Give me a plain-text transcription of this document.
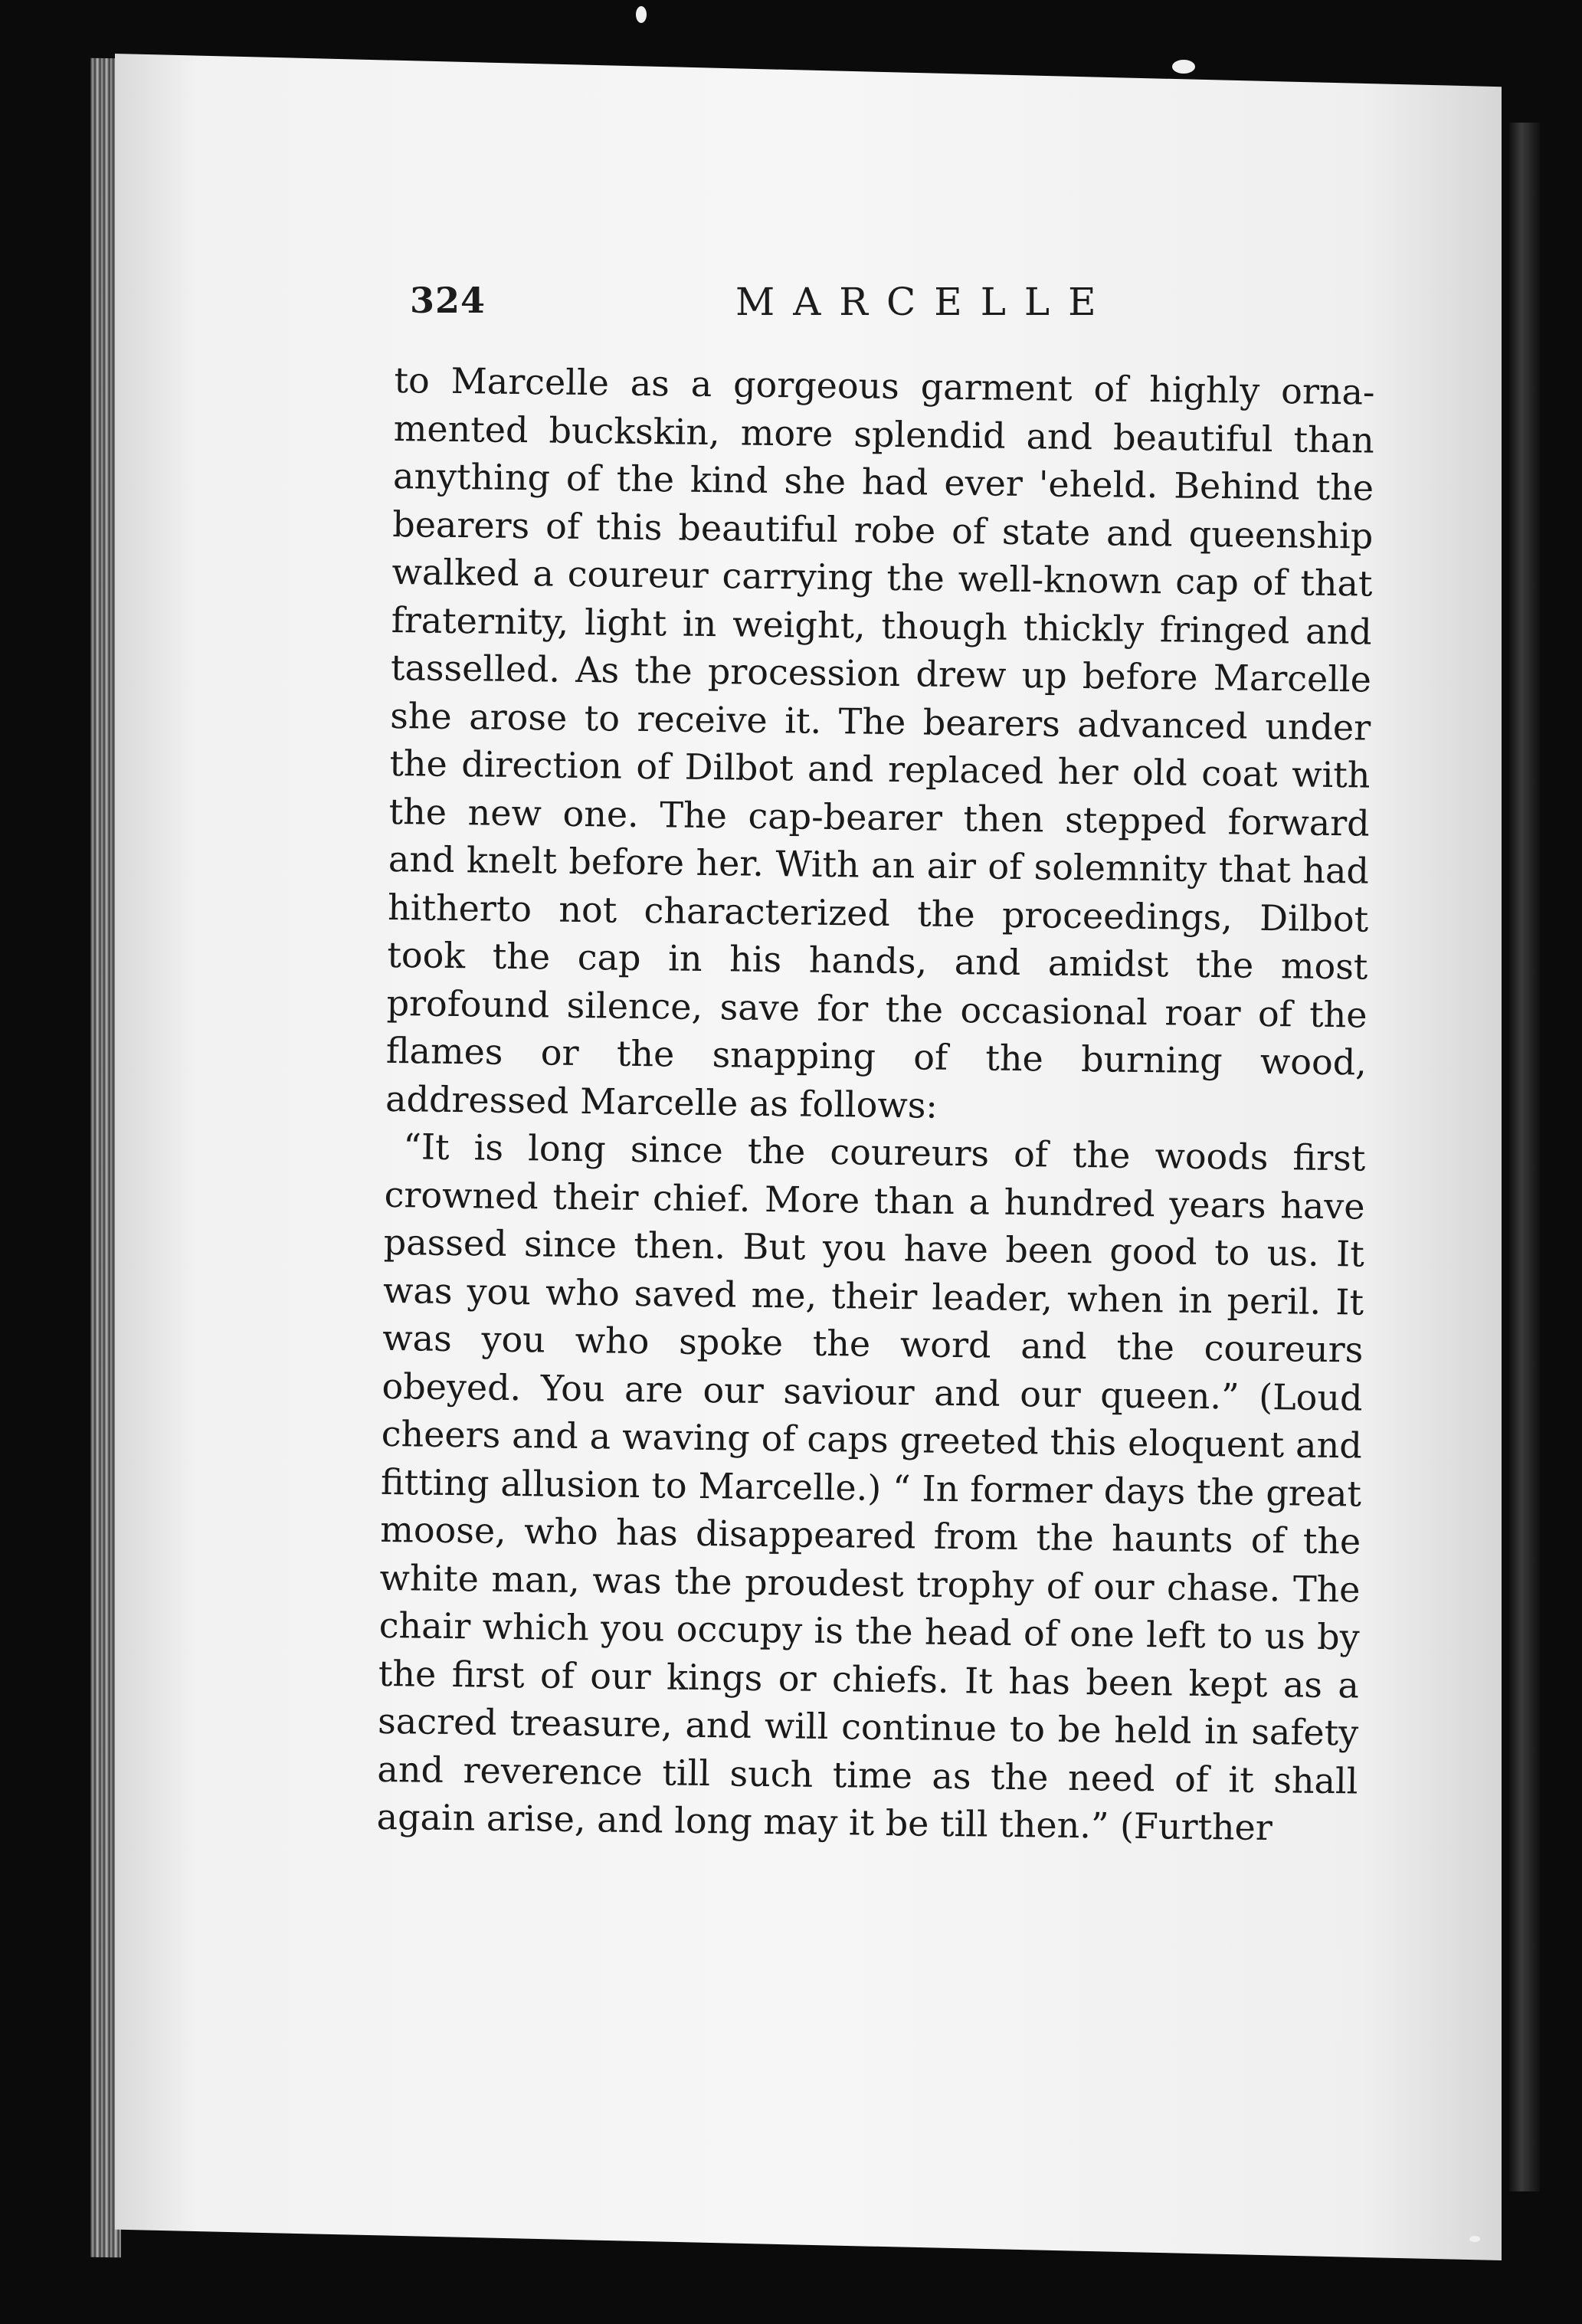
324	MARCELLE

to Marcelle as a gorgeous garment of highly ornamented buckskin, more splendid and beautiful than anything of the kind she had ever 'eheld. Behind the bearers of this beautiful robe of state and queenship walked a coureur carrying the well-known cap of that fraternity, light in weight, though thickly fringed and tasselled. As the procession drew up before Marcelle she arose to receive it. The bearers advanced under the direction of Dilbot and replaced her old coat with the new one. The cap-bearer then stepped forward and knelt before her. With an air of solemnity that had hitherto not characterized the proceedings, Dilbot took the cap in his hands, and amidst the most profound silence, save for the occasional roar of the flames or the snapping of the burning wood, addressed Marcelle as follows:

“It is long since the coureurs of the woods first crowned their chief. More than a hundred years have passed since then. But you have been good to us. It was you who saved me, their leader, when in peril. It was you who spoke the word and the coureurs obeyed. You are our saviour and our queen.” (Loud cheers and a waving of caps greeted this eloquent and fitting allusion to Marcelle.) “ In former days the great moose, who has disappeared from the haunts of the white man, was the proudest trophy of our chase. The chair which you occupy is the head of one left to us by the first of our kings or chiefs. It has been kept as a sacred treasure, and will continue to be held in safety and reverence till such time as the need of it shall again arise, and long may it be till then.” (Further
